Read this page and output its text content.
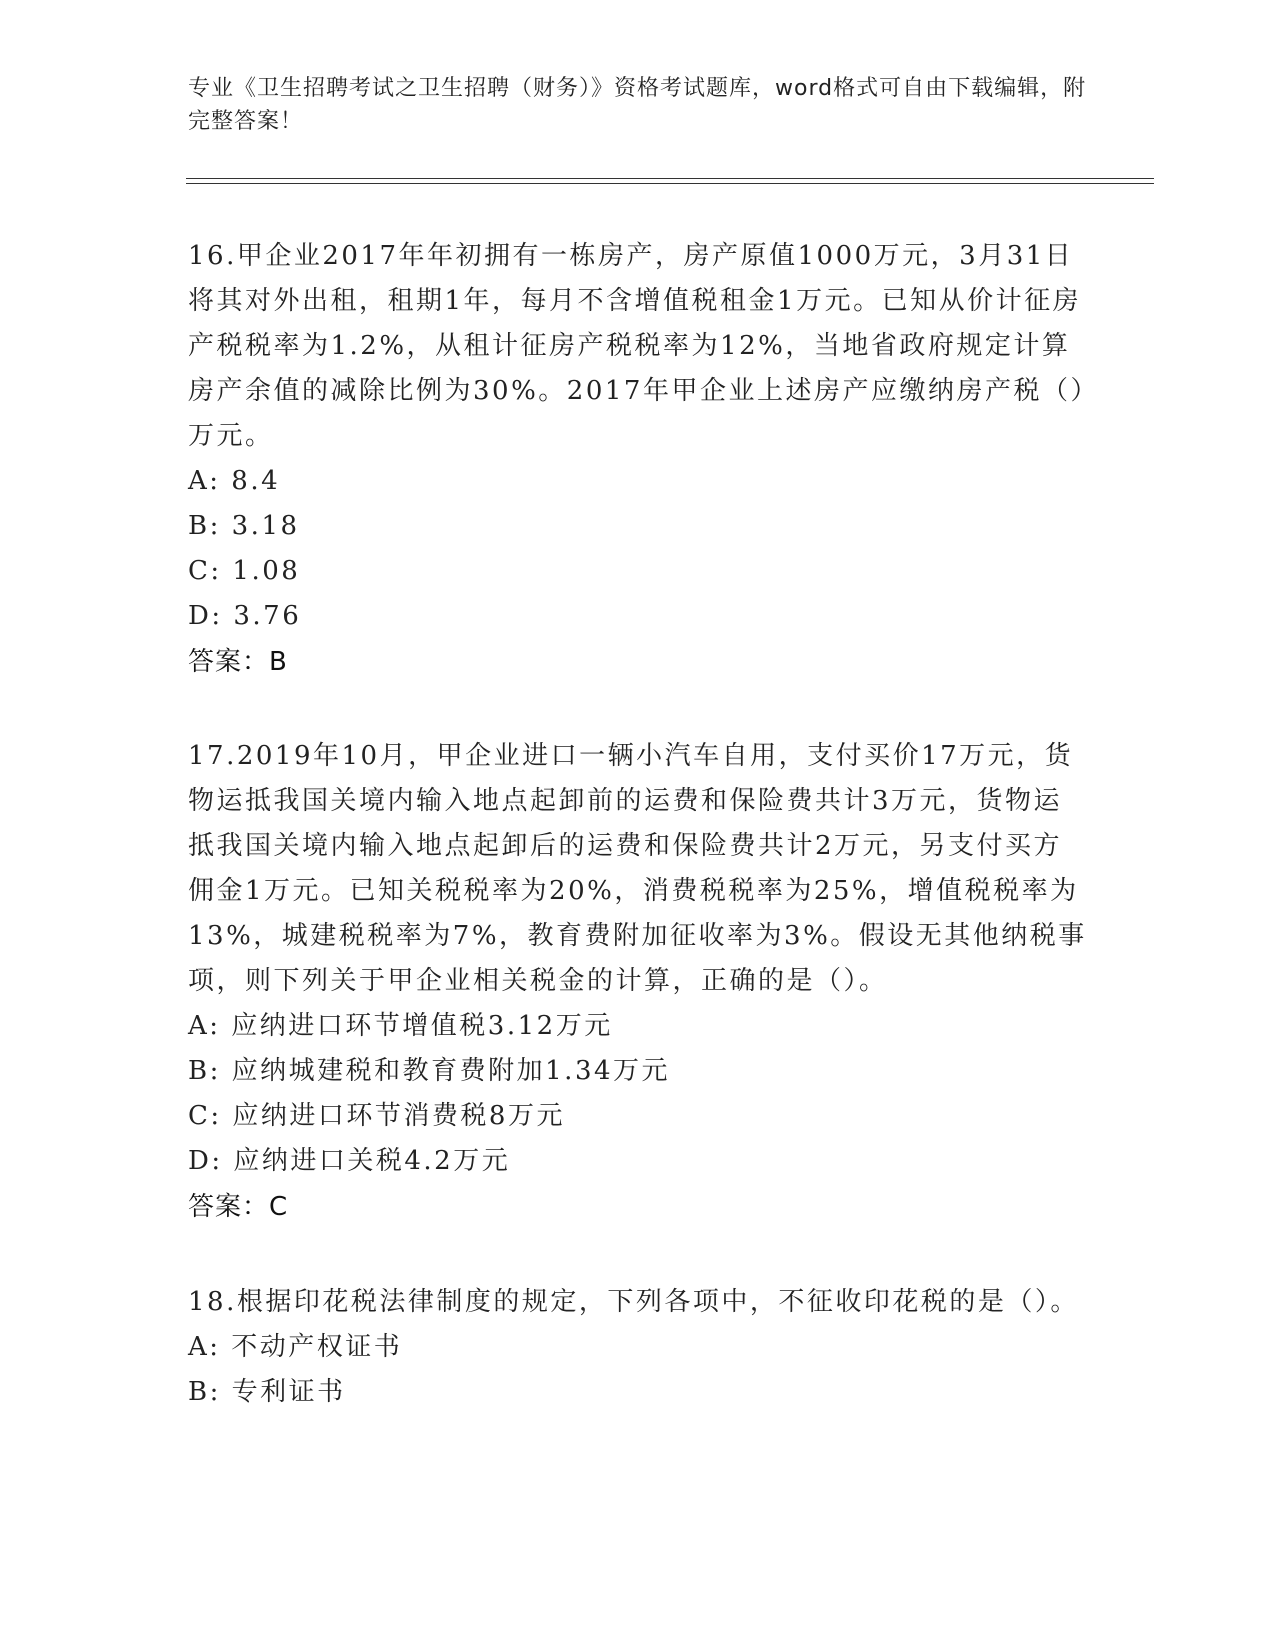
专业《卫生招聘考试之卫生招聘（财务）》资格考试题库，word格式可自由下载编辑，附完整答案！
16.甲企业2017年年初拥有一栋房产，房产原值1000万元，3月31日将其对外出租，租期1年，每月不含增值税租金1万元。已知从价计征房产税税率为1.2%，从租计征房产税税率为12%，当地省政府规定计算房产余值的减除比例为30%。2017年甲企业上述房产应缴纳房产税（）万元。
A: 8.4
B: 3.18
C: 1.08
D: 3.76
答案：B
17.2019年10月，甲企业进口一辆小汽车自用，支付买价17万元，货物运抵我国关境内输入地点起卸前的运费和保险费共计3万元，货物运抵我国关境内输入地点起卸后的运费和保险费共计2万元，另支付买方佣金1万元。已知关税税率为20%，消费税税率为25%，增值税税率为13%，城建税税率为7%，教育费附加征收率为3%。假设无其他纳税事项，则下列关于甲企业相关税金的计算，正确的是（）。
A: 应纳进口环节增值税3.12万元
B: 应纳城建税和教育费附加1.34万元
C: 应纳进口环节消费税8万元
D: 应纳进口关税4.2万元
答案：C
18.根据印花税法律制度的规定，下列各项中，不征收印花税的是（）。
A: 不动产权证书
B: 专利证书
